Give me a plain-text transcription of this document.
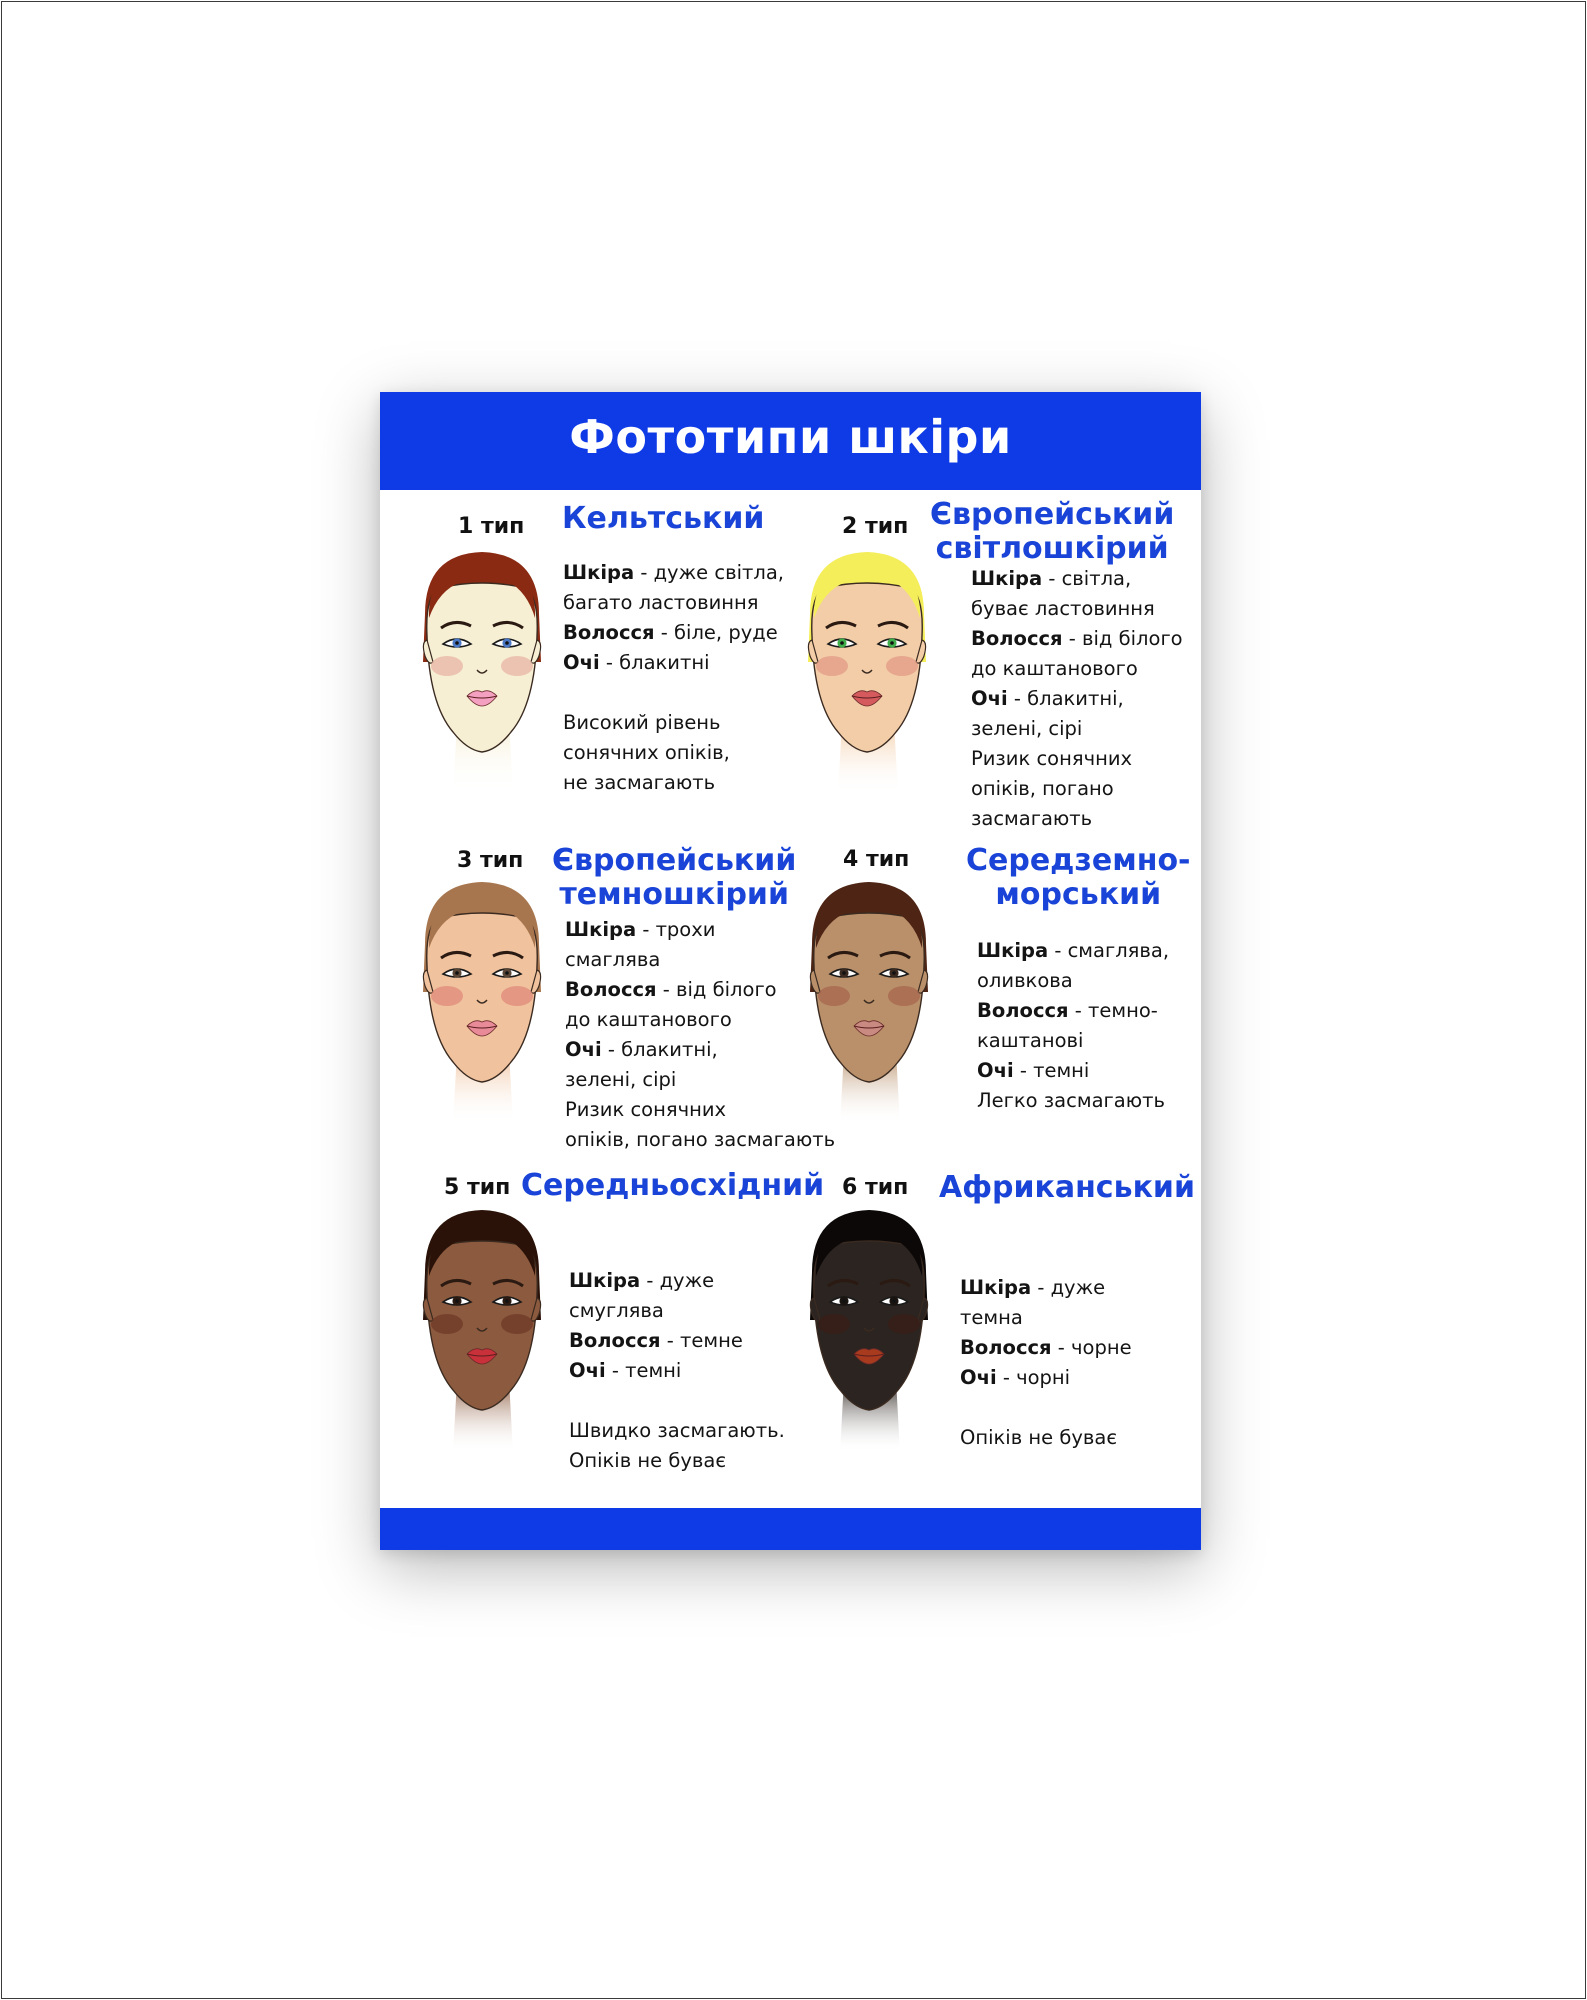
Фототипи шкіри
1 тип Кельтський

Шкіра - дуже світла,

багато ластовиння

Волосся - біле, руде

Очі - блакитні

Високий рівень

сонячних опіків,

не засмагають

2 тип Європейський
світлошкірий

Шкіра - світла,

буває ластовиння

Волосся - від білого

до каштанового

Очі - блакитні,

зелені, сірі

Ризик сонячних

опіків, погано

засмагають

3 тип Європейський
темношкірий

Шкіра - трохи

смаглява

Волосся - від білого

до каштанового

Очі - блакитні,

зелені, сірі

Ризик сонячних

опіків, погано засмагають

4 тип Середземно-
морський

Шкіра - смаглява,

оливкова

Волосся - темно-

каштанові

Очі - темні

Легко засмагають

5 тип Середньосхідний

Шкіра - дуже

смуглява

Волосся - темне

Очі - темні

Швидко засмагають.

Опіків не буває

6 тип Африканський

Шкіра - дуже

темна

Волосся - чорне

Очі - чорні

Опіків не буває
